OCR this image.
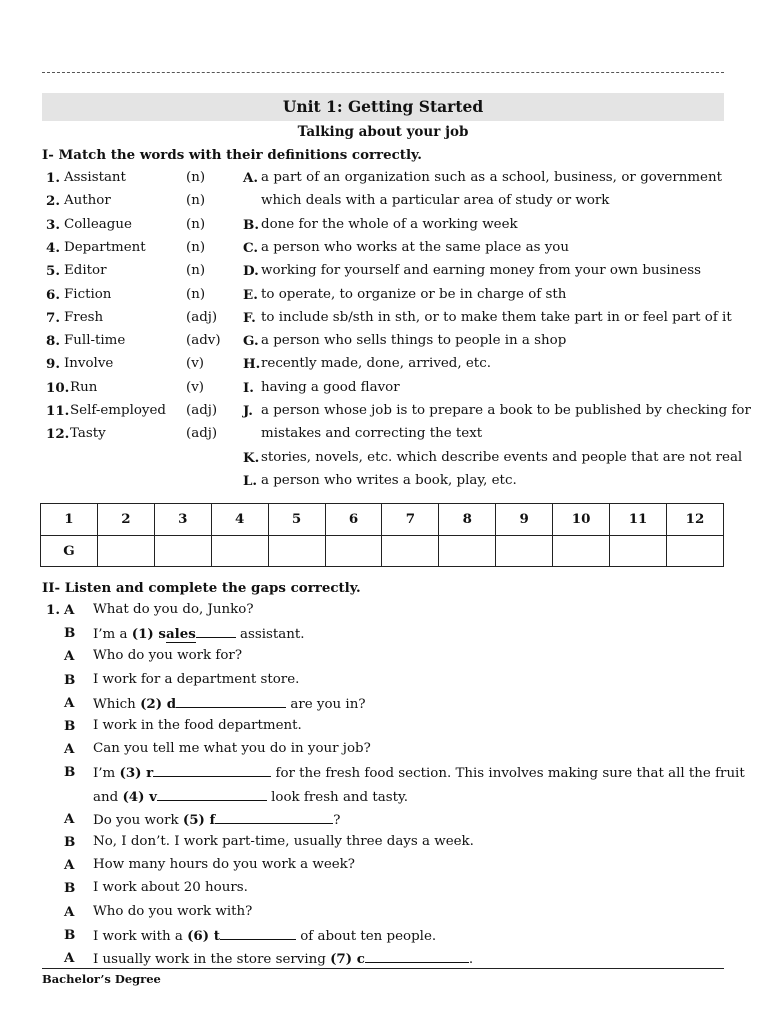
Unit 1: Getting Started
Talking about your job
I- Match the words with their definitions correctly.
1. Assistant	(n)
2. Author	(n)
3. Colleague	(n)
4. Department	(n)
5. Editor	(n)
6. Fiction	(n)
7. Fresh	(adj)
8. Full-time	(adv)
9. Involve	(v)
10. Run	(v)
11. Self-employed (adj)
12. Tasty	(adj)
A. a part of an organization such as a school, business, or government
which deals with a particular area of study or work
B. done for the whole of a working week
C. a person who works at the same place as you
D. working for yourself and earning money from your own business
E. to operate, to organize or be in charge of sth
F. to include sb/sth in sth, or to make them take part in or feel part of it
G. a person who sells things to people in a shop
H. recently made, done, arrived, etc.
I. having a good flavor
J. a person whose job is to prepare a book to be published by checking for
mistakes and correcting the text
K. stories, novels, etc. which describe events and people that are not real
L. a person who writes a book, play, etc.
1	2	3	4	5	6	7	8	9	10	11	12
G											
II- Listen and complete the gaps correctly.
1. A What do you do, Junko?
B I’m a (1) sales	assistant.
A Who do you work for?
B I work for a department store.
A Which (2) d	are you in?
B I work in the food department.
A Can you tell me what you do in your job?
B I’m (3) r	for the fresh food section. This involves making sure that all the fruit
and (4) v	look fresh and tasty.
A Do you work (5) f	?
B No, I don’t. I work part-time, usually three days a week.
A How many hours do you work a week?
B I work about 20 hours.
A Who do you work with?
B I work with a (6) t	of about ten people.
A I usually work in the store serving (7) c	.
Bachelor’s Degree
